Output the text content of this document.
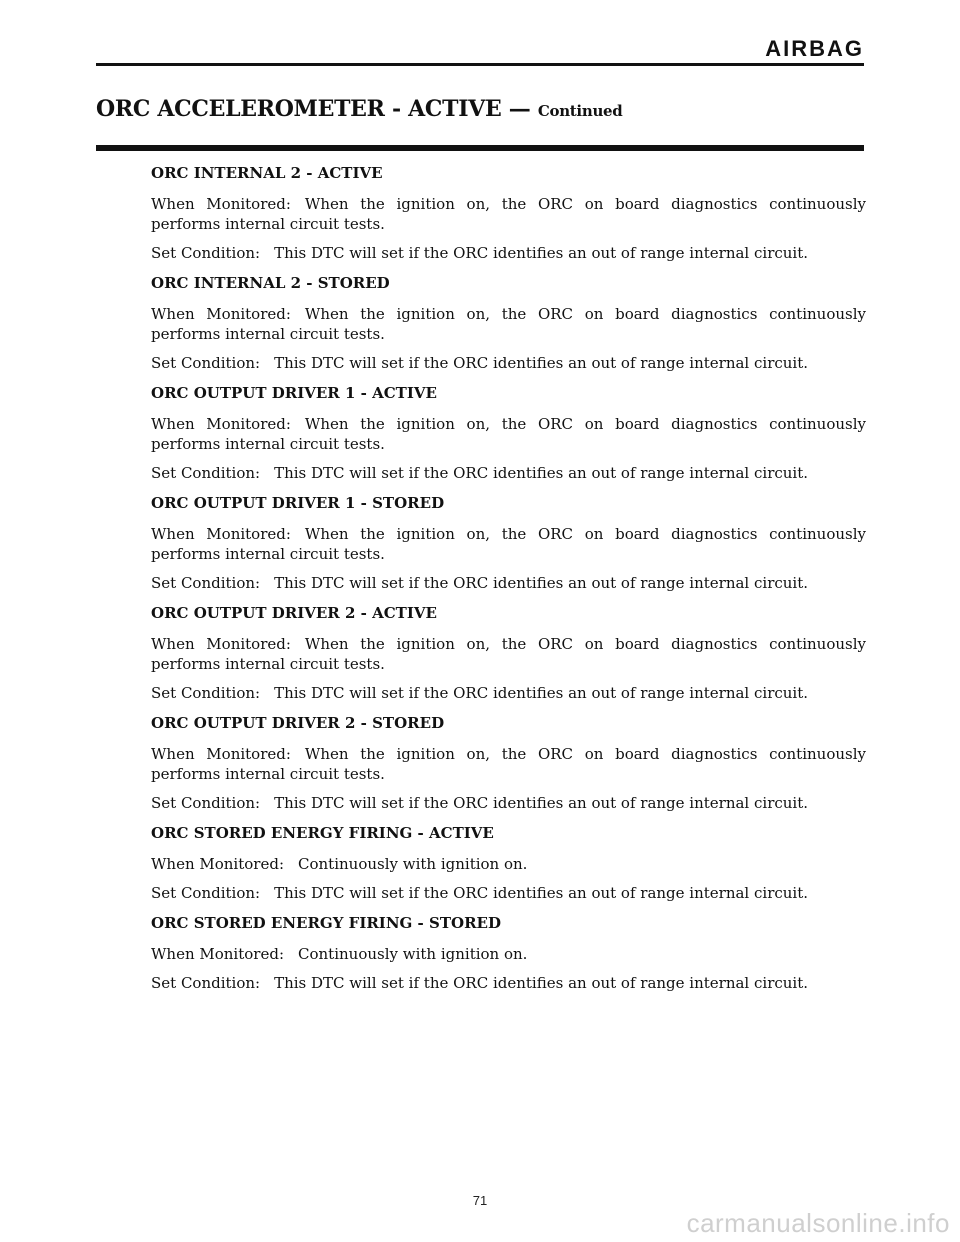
AIRBAG
ORC ACCELEROMETER - ACTIVE — Continued
ORC INTERNAL 2 - ACTIVE
When Monitored: When the ignition on, the ORC on board diagnostics continuously performs internal circuit tests.
Set Condition: This DTC will set if the ORC identifies an out of range internal circuit.
ORC INTERNAL 2 - STORED
When Monitored: When the ignition on, the ORC on board diagnostics continuously performs internal circuit tests.
Set Condition: This DTC will set if the ORC identifies an out of range internal circuit.
ORC OUTPUT DRIVER 1 - ACTIVE
When Monitored: When the ignition on, the ORC on board diagnostics continuously performs internal circuit tests.
Set Condition: This DTC will set if the ORC identifies an out of range internal circuit.
ORC OUTPUT DRIVER 1 - STORED
When Monitored: When the ignition on, the ORC on board diagnostics continuously performs internal circuit tests.
Set Condition: This DTC will set if the ORC identifies an out of range internal circuit.
ORC OUTPUT DRIVER 2 - ACTIVE
When Monitored: When the ignition on, the ORC on board diagnostics continuously performs internal circuit tests.
Set Condition: This DTC will set if the ORC identifies an out of range internal circuit.
ORC OUTPUT DRIVER 2 - STORED
When Monitored: When the ignition on, the ORC on board diagnostics continuously performs internal circuit tests.
Set Condition: This DTC will set if the ORC identifies an out of range internal circuit.
ORC STORED ENERGY FIRING - ACTIVE
When Monitored: Continuously with ignition on.
Set Condition: This DTC will set if the ORC identifies an out of range internal circuit.
ORC STORED ENERGY FIRING - STORED
When Monitored: Continuously with ignition on.
Set Condition: This DTC will set if the ORC identifies an out of range internal circuit.
71
carmanualsonline.info
